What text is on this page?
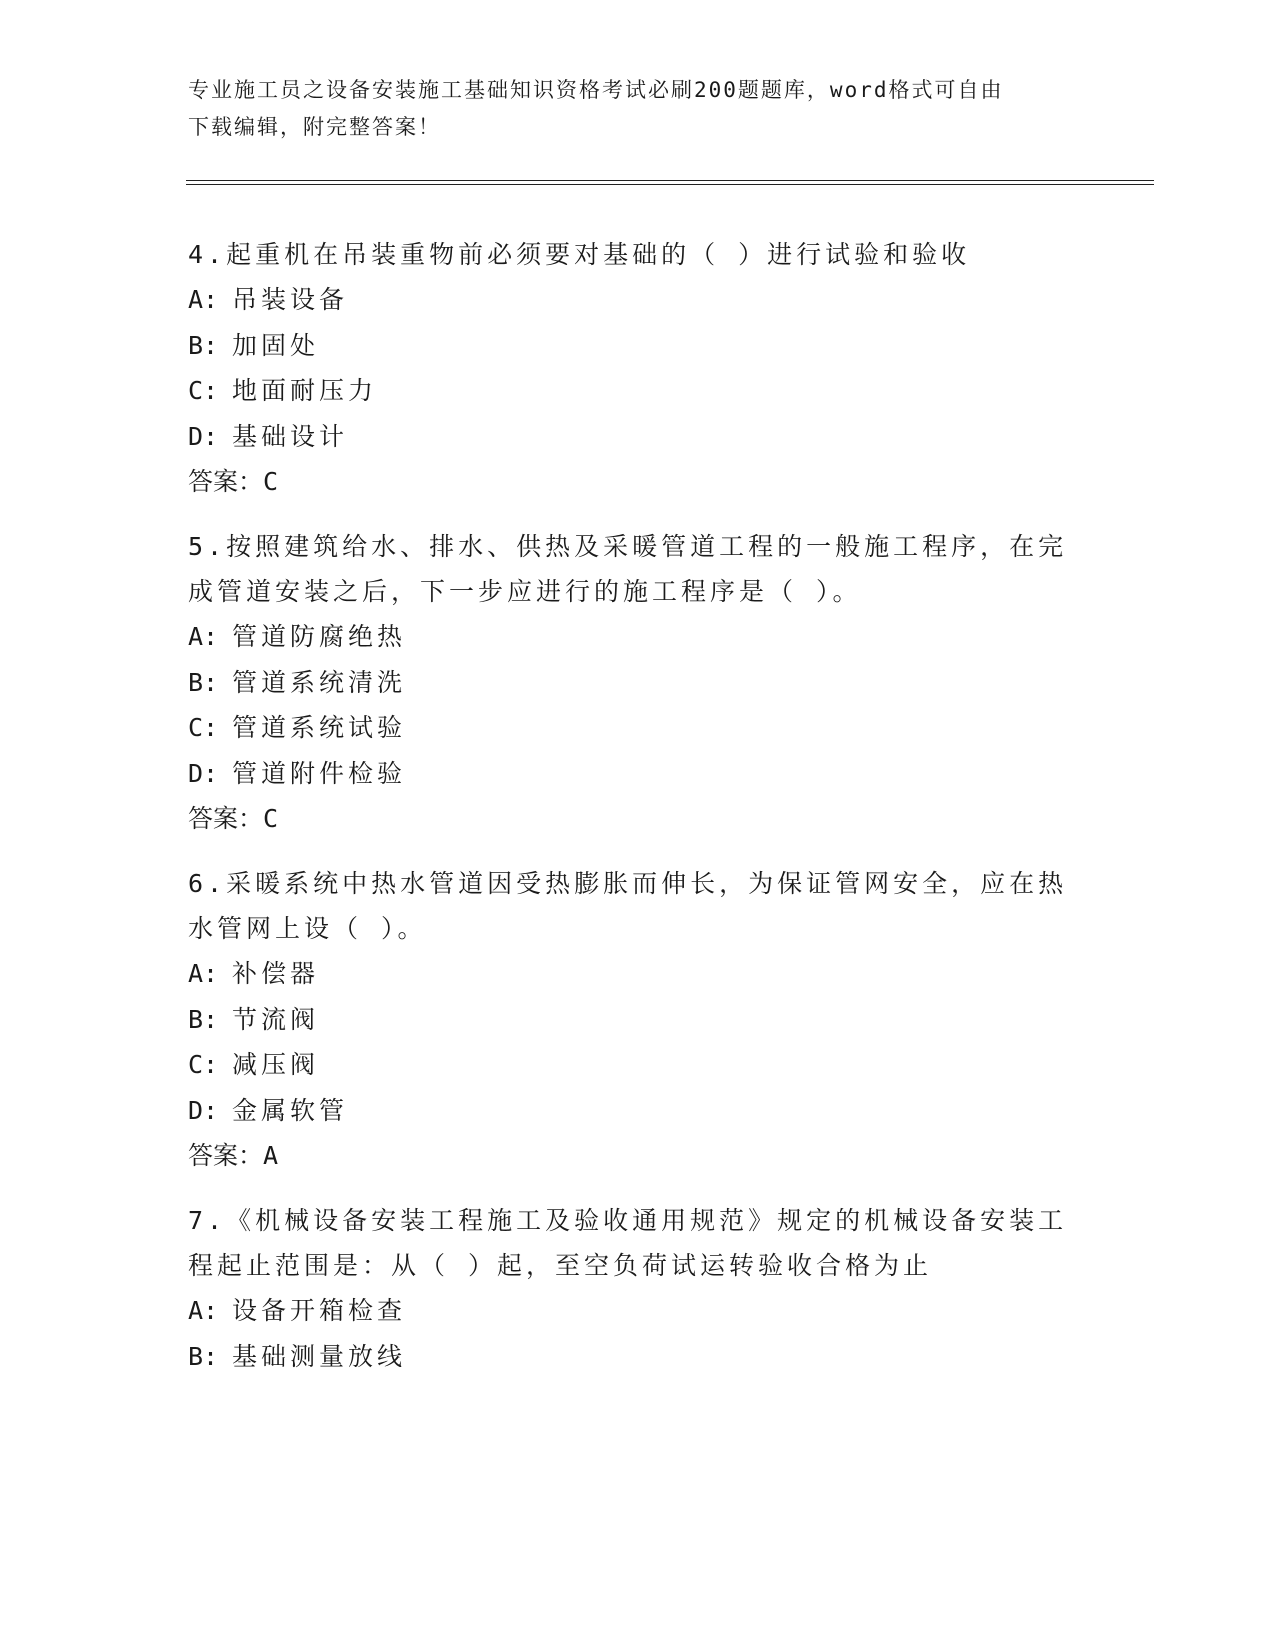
专业施工员之设备安装施工基础知识资格考试必刷200题题库，word格式可自由
下载编辑，附完整答案！
4.起重机在吊装重物前必须要对基础的（ ）进行试验和验收
A: 吊装设备
B: 加固处
C: 地面耐压力
D: 基础设计
答案：C
5.按照建筑给水、排水、供热及采暖管道工程的一般施工程序，在完
成管道安装之后，下一步应进行的施工程序是（ ）。
A: 管道防腐绝热
B: 管道系统清洗
C: 管道系统试验
D: 管道附件检验
答案：C
6.采暖系统中热水管道因受热膨胀而伸长，为保证管网安全，应在热
水管网上设（ ）。
A: 补偿器
B: 节流阀
C: 减压阀
D: 金属软管
答案：A
7.《机械设备安装工程施工及验收通用规范》规定的机械设备安装工
程起止范围是：从（ ）起，至空负荷试运转验收合格为止
A: 设备开箱检查
B: 基础测量放线
